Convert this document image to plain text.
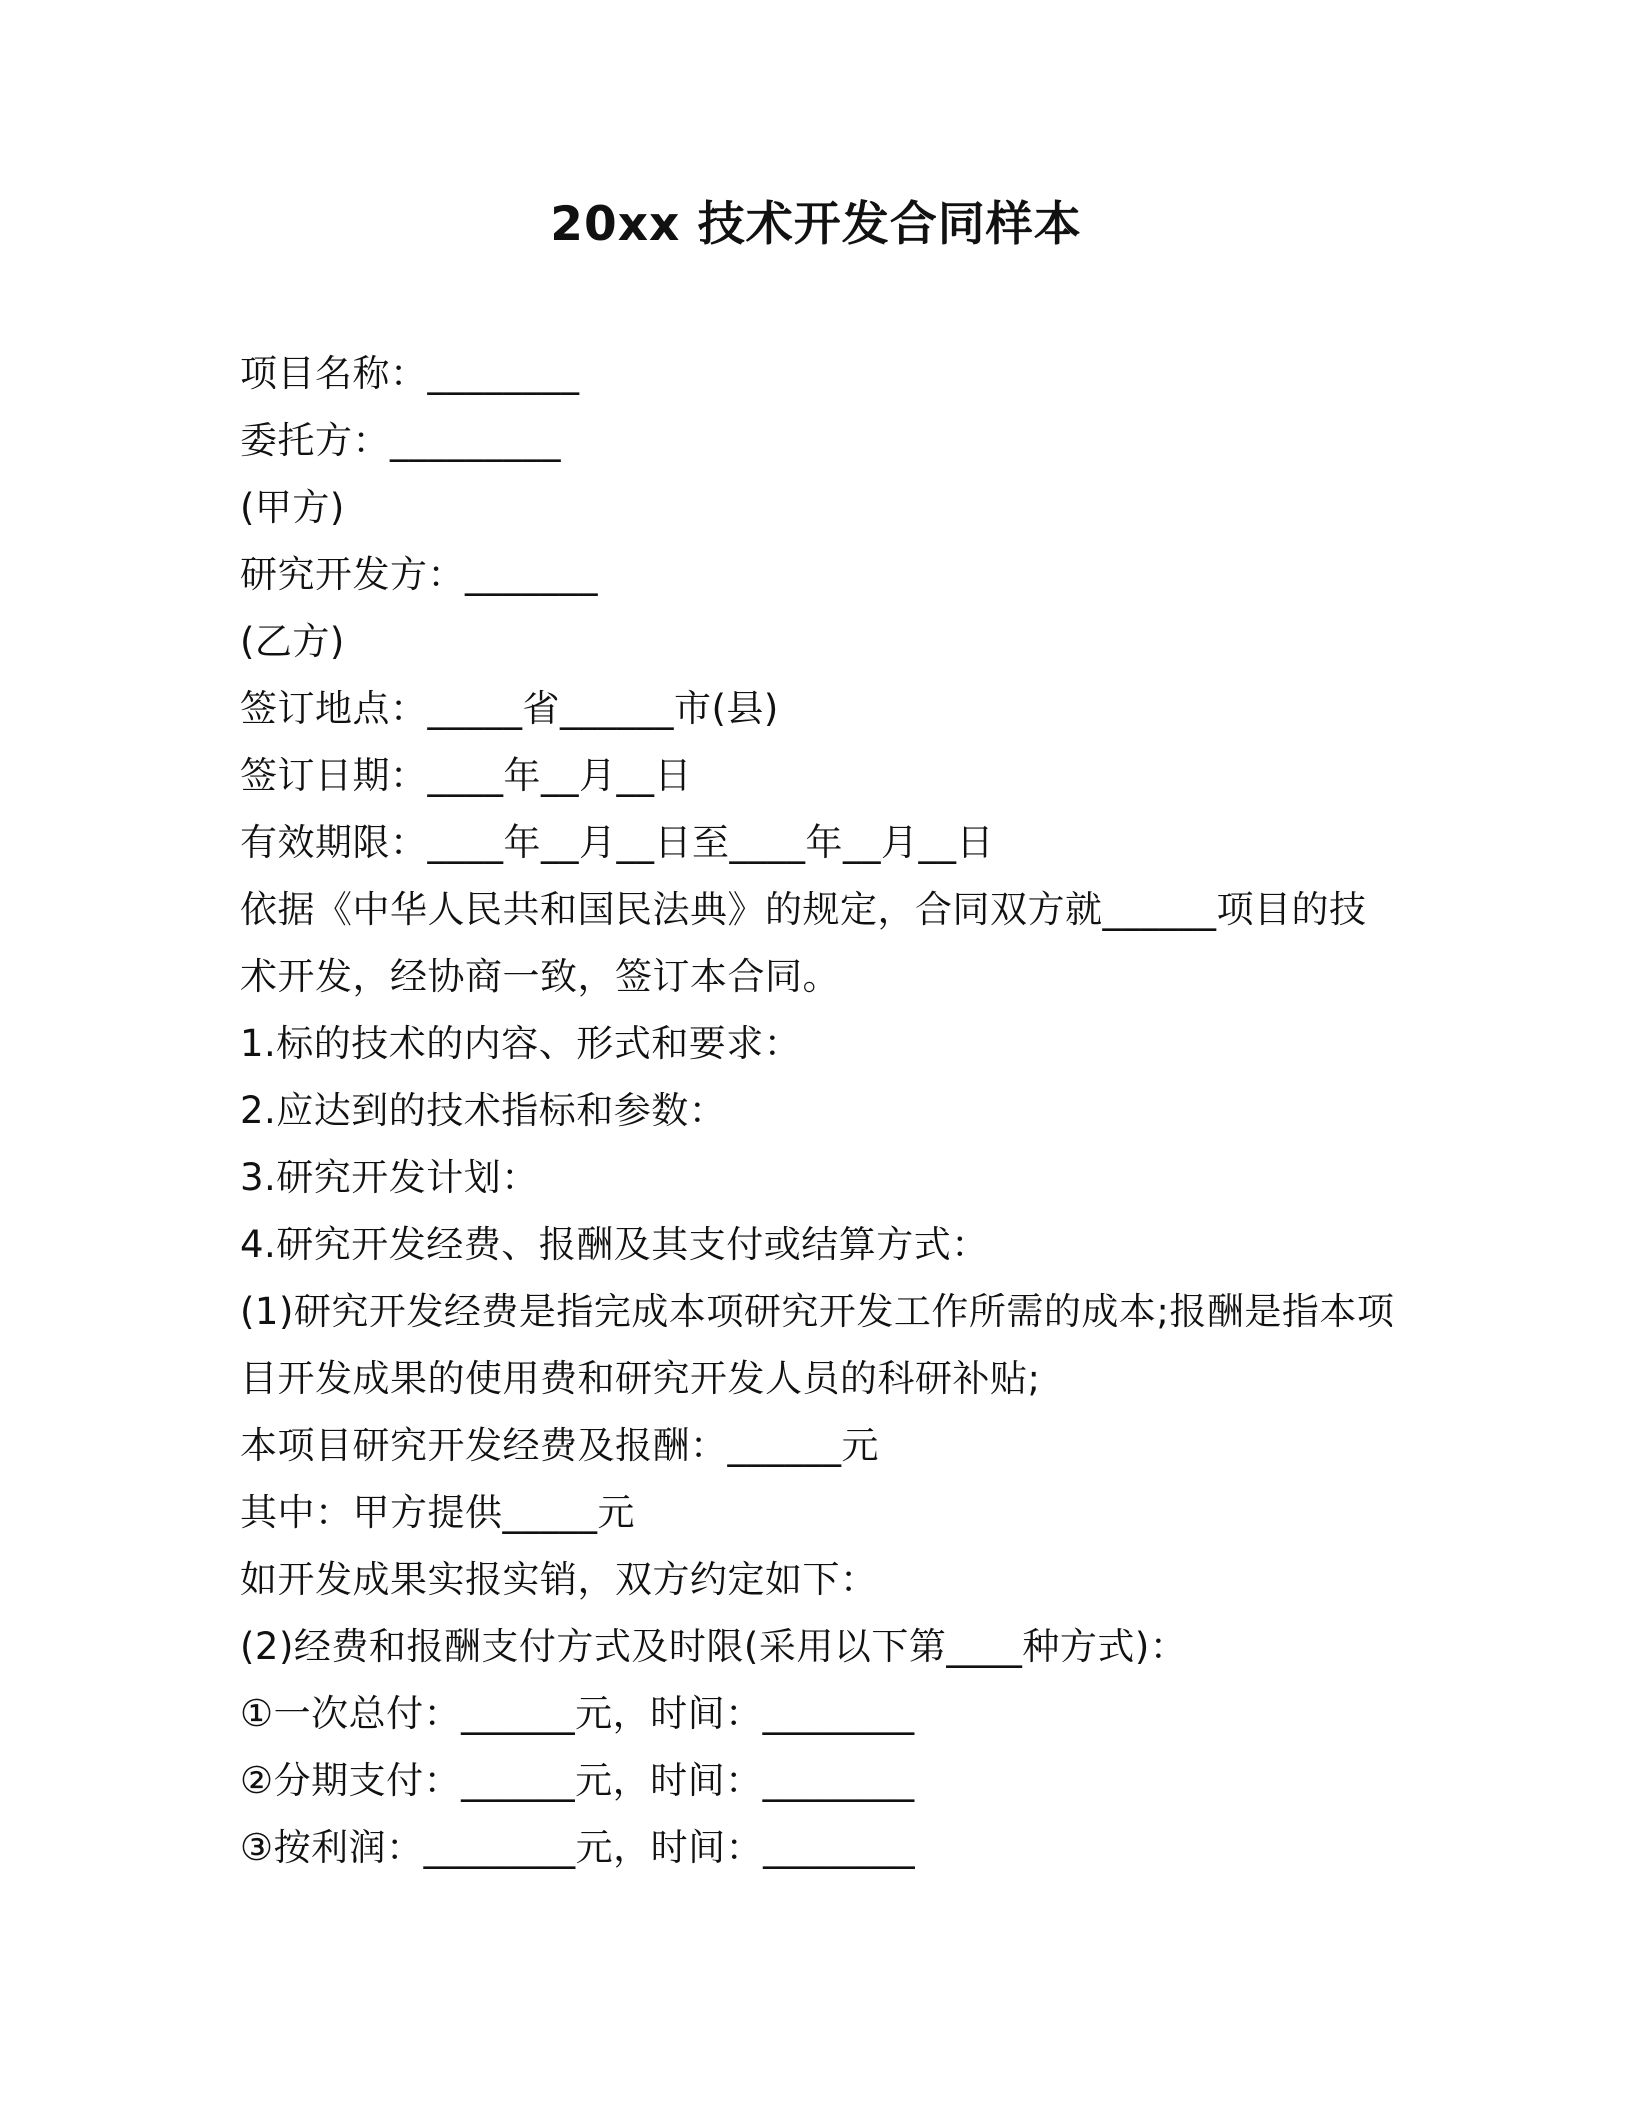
20xx 技术开发合同样本
项目名称：________
委托方：_________
(甲方)
研究开发方：_______
(乙方)
签订地点：_____省______市(县)
签订日期：____年__月__日
有效期限：____年__月__日至____年__月__日
依据《中华人民共和国民法典》的规定，合同双方就______项目的技
术开发，经协商一致，签订本合同。
1.标的技术的内容、形式和要求：
2.应达到的技术指标和参数：
3.研究开发计划：
4.研究开发经费、报酬及其支付或结算方式：
(1)研究开发经费是指完成本项研究开发工作所需的成本;报酬是指本项
目开发成果的使用费和研究开发人员的科研补贴;
本项目研究开发经费及报酬：______元
其中：甲方提供_____元
如开发成果实报实销，双方约定如下：
(2)经费和报酬支付方式及时限(采用以下第____种方式)：
①一次总付：______元，时间：________
②分期支付：______元，时间：________
③按利润：________元，时间：________
